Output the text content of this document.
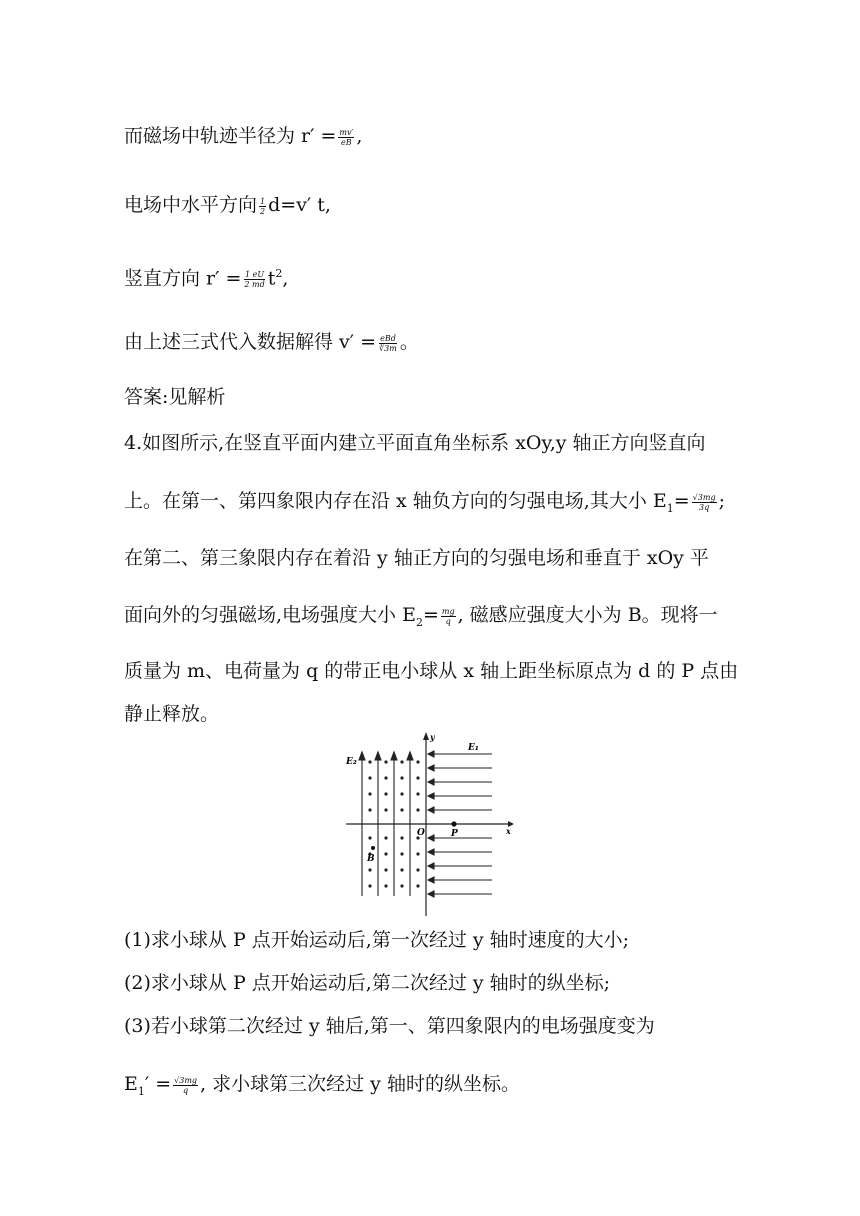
而磁场中轨迹半径为 $r' = \frac{mv'}{eB}$ ,
电场中水平方向 $\frac{1}{2} d=v'$ t,
竖直方向 $r' = \frac{1 eU}{2 md} t^2$,
由上述三式代入数据解得 $v' = \frac{\text{eBd}}{∛3m}$ 。
答案:见解析
4.如图所示,在竖直平面内建立平面直角坐标系 xOy,y 轴正方向竖直向
上。在第一、第四象限内存在沿 x 轴负方向的匀强电场,其大小 $E_1= \frac{√3mg}{3q}$ ;
在第二、第三象限内存在着沿 y 轴正方向的匀强电场和垂直于 xOy 平
面向外的匀强磁场,电场强度大小 $E_2= \frac{mg}{q}$ , 磁感应强度大小为 B。现将一
质量为 m、电荷量为 q 的带正电小球从 x 轴上距坐标原点为 d 的 P 点由
静止释放。
E₂
E₁
y
x
O	P
B
(1)求小球从 P 点开始运动后,第一次经过 y 轴时速度的大小;
(2)求小球从 P 点开始运动后,第二次经过 y 轴时的纵坐标;
(3)若小球第二次经过 y 轴后,第一、第四象限内的电场强度变为
$E_1' = \frac{√3mg}{q}$ , 求小球第三次经过 y 轴时的纵坐标。
